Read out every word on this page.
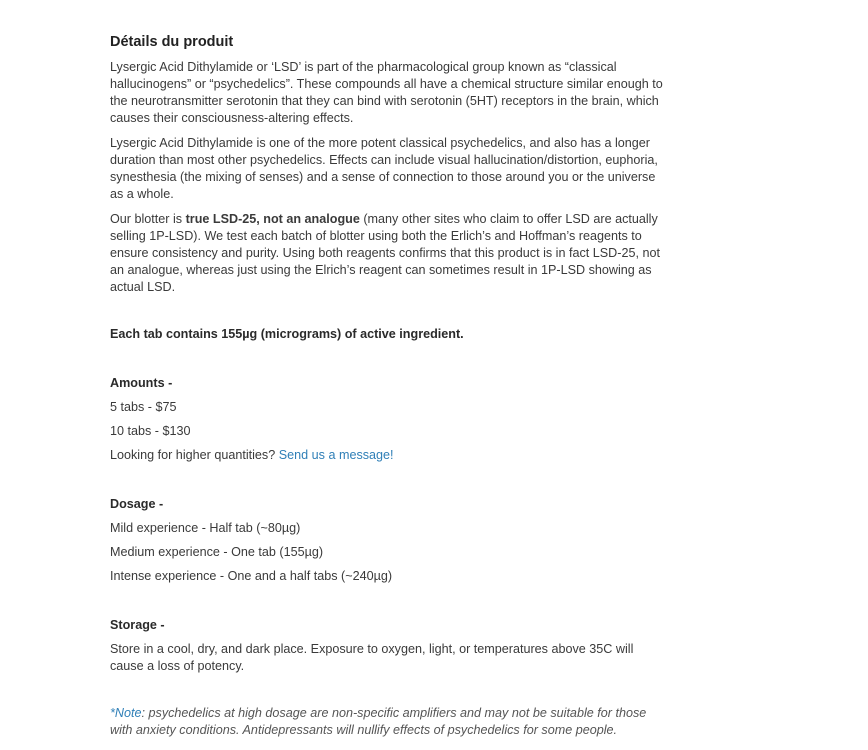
Détails du produit

Lysergic Acid Dithylamide or ‘LSD’ is part of the pharmacological group known as “classical hallucinogens” or “psychedelics”. These compounds all have a chemical structure similar enough to the neurotransmitter serotonin that they can bind with serotonin (5HT) receptors in the brain, which causes their consciousness-altering effects.

Lysergic Acid Dithylamide is one of the more potent classical psychedelics, and also has a longer duration than most other psychedelics. Effects can include visual hallucination/distortion, euphoria, synesthesia (the mixing of senses) and a sense of connection to those around you or the universe as a whole.

Our blotter is true LSD-25, not an analogue (many other sites who claim to offer LSD are actually selling 1P-LSD). We test each batch of blotter using both the Erlich’s and Hoffman’s reagents to ensure consistency and purity. Using both reagents confirms that this product is in fact LSD-25, not an analogue, whereas just using the Elrich’s reagent can sometimes result in 1P-LSD showing as actual LSD.

Each tab contains 155µg (micrograms) of active ingredient.

Amounts -

5 tabs - $75

10 tabs - $130

Looking for higher quantities? Send us a message!

Dosage -

Mild experience - Half tab (~80µg)

Medium experience - One tab (155µg)

Intense experience - One and a half tabs (~240µg)

Storage -

Store in a cool, dry, and dark place. Exposure to oxygen, light, or temperatures above 35C will cause a loss of potency.

*Note: psychedelics at high dosage are non-specific amplifiers and may not be suitable for those with anxiety conditions. Antidepressants will nullify effects of psychedelics for some people.
